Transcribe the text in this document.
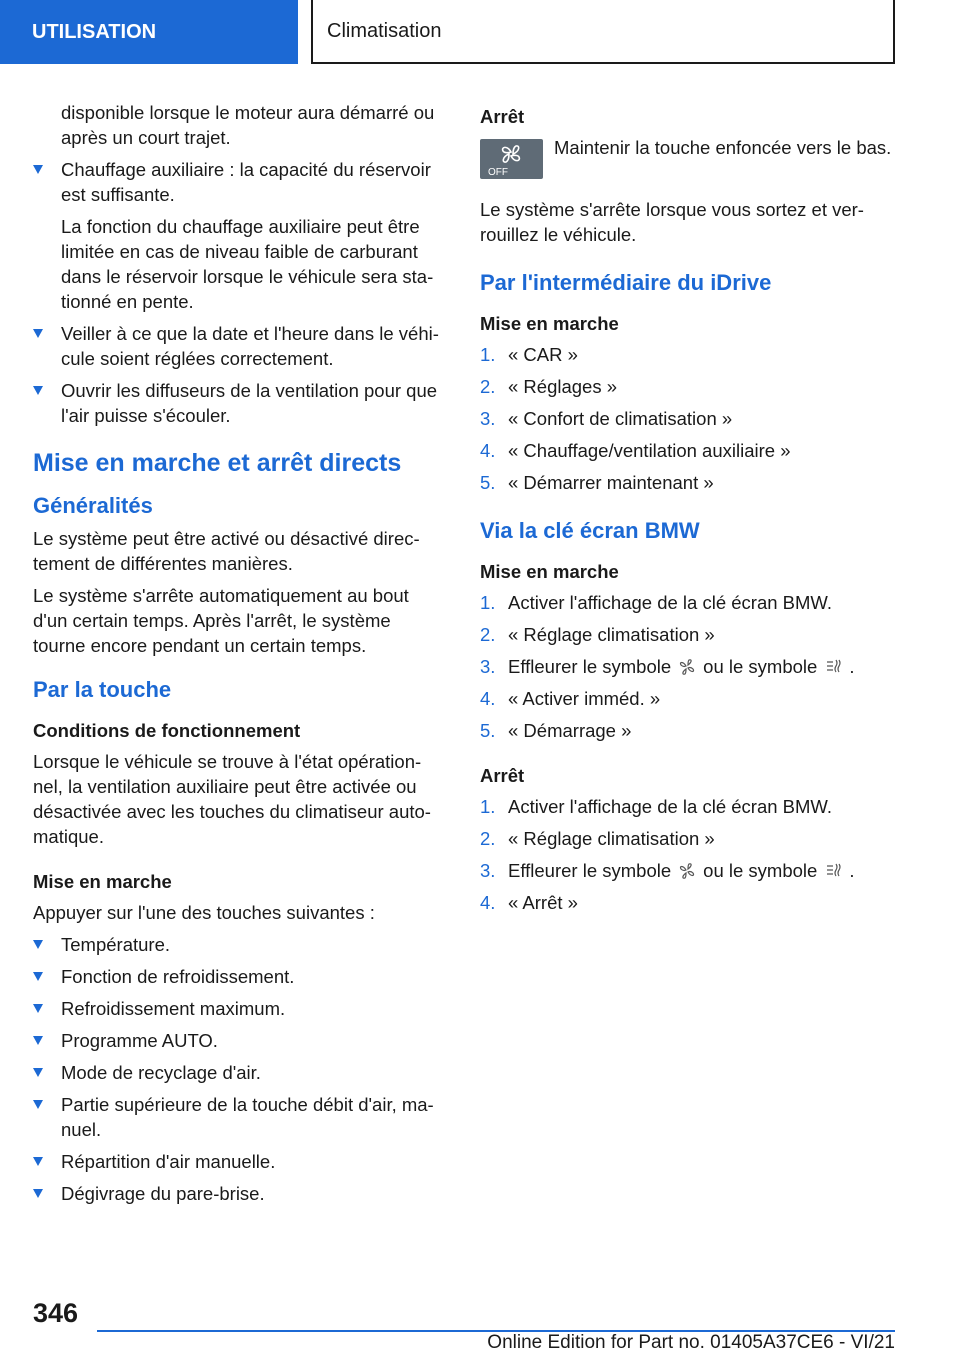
UTILISATION	Climatisation

disponible lorsque le moteur aura démarré ou après un court trajet.

Chauffage auxiliaire : la capacité du réservoir est suffisante.

La fonction du chauffage auxiliaire peut être limitée en cas de niveau faible de carburant dans le réservoir lorsque le véhicule sera sta-tionné en pente.

Veiller à ce que la date et l'heure dans le véhi-cule soient réglées correctement.
Ouvrir les diffuseurs de la ventilation pour que l'air puisse s'écouler.
Mise en marche et arrêt directs
Généralités

Le système peut être activé ou désactivé direc-tement de différentes manières.

Le système s'arrête automatiquement au bout d'un certain temps. Après l'arrêt, le système tourne encore pendant un certain temps.

Par la touche
Conditions de fonctionnement

Lorsque le véhicule se trouve à l'état opération-nel, la ventilation auxiliaire peut être activée ou désactivée avec les touches du climatiseur auto-matique.

Mise en marche

Appuyer sur l'une des touches suivantes :

Température.
Fonction de refroidissement.
Refroidissement maximum.
Programme AUTO.
Mode de recyclage d'air.
Partie supérieure de la touche débit d'air, ma-nuel.
Répartition d'air manuelle.
Dégivrage du pare-brise.
Arrêt
OFF
Maintenir la touche enfoncée vers le bas.

Le système s'arrête lorsque vous sortez et ver-rouillez le véhicule.

Par l'intermédiaire du iDrive
Mise en marche
1. « CAR »
2. « Réglages »
3. « Confort de climatisation »
4. « Chauffage/ventilation auxiliaire »
5. « Démarrer maintenant »
Via la clé écran BMW
Mise en marche
1. Activer l'affichage de la clé écran BMW.
2. « Réglage climatisation »
3. Effleurer le symbole ou le symbole .
4. « Activer imméd. »
5. « Démarrage »
Arrêt
1. Activer l'affichage de la clé écran BMW.
2. « Réglage climatisation »
3. Effleurer le symbole ou le symbole .
4. « Arrêt »
346
Online Edition for Part no. 01405A37CE6 - VI/21
